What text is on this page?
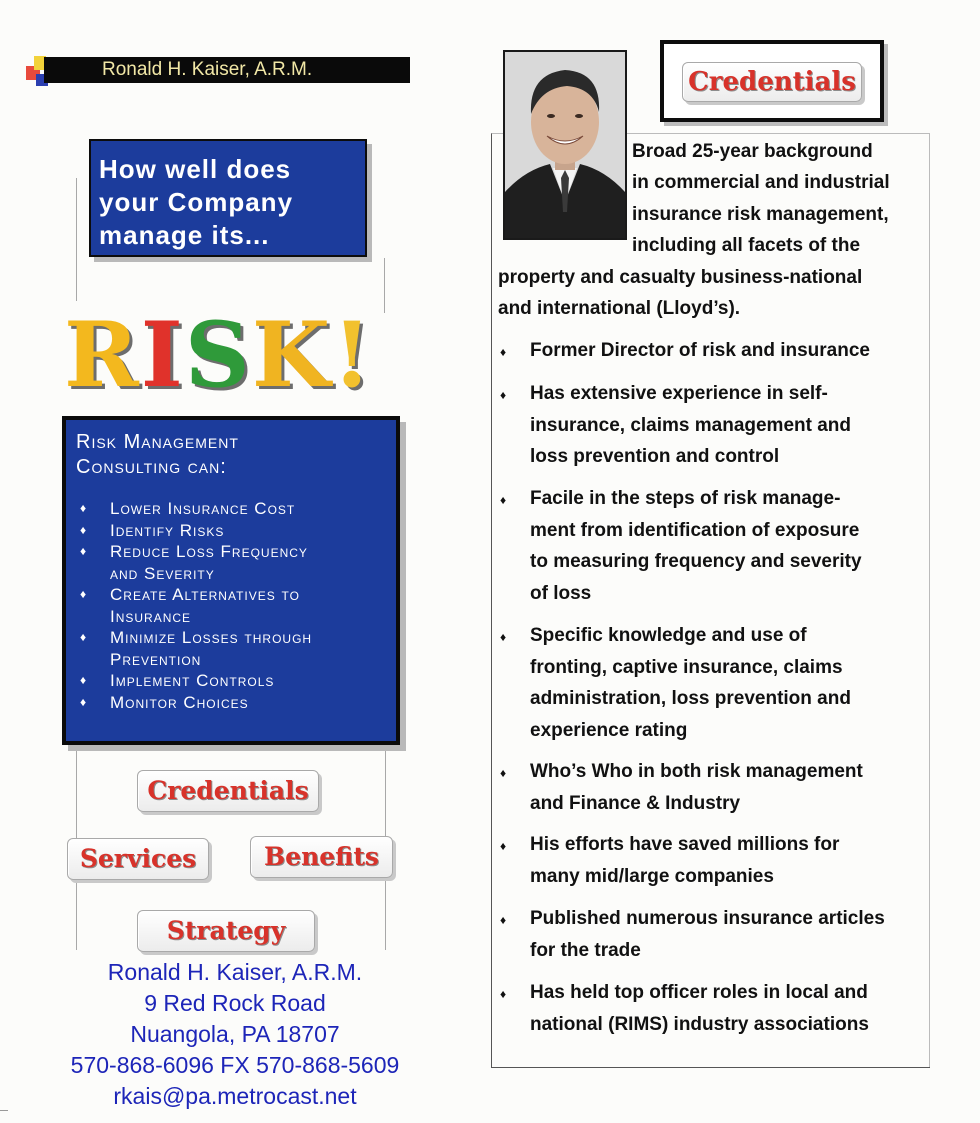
Ronald H. Kaiser, A.R.M.
How well does
your Company
manage its...
RISK!
Risk Management
Consulting can:
♦ Lower Insurance Cost
♦ Identify Risks
♦ Reduce Loss Frequency
and Severity
♦ Create Alternatives to
Insurance
♦ Minimize Losses through
Prevention
♦ Implement Controls
♦ Monitor Choices
Credentials
Services	Benefits
Strategy
Ronald H. Kaiser, A.R.M.
9 Red Rock Road
Nuangola, PA 18707
570-868-6096 FX 570-868-5609
rkais@pa.metrocast.net
Credentials
Broad 25-year background
in commercial and industrial
insurance risk management,
including all facets of the
property and casualty business-national
and international (Lloyd’s).
♦	Former Director of risk and insurance
♦	Has extensive experience in self-
insurance, claims management and
loss prevention and control
♦	Facile in the steps of risk manage-
ment from identification of exposure
to measuring frequency and severity
of loss
♦	Specific knowledge and use of
fronting, captive insurance, claims
administration, loss prevention and
experience rating
♦	Who’s Who in both risk management
and Finance & Industry
♦	His efforts have saved millions for
many mid/large companies
♦	Published numerous insurance articles
for the trade
♦	Has held top officer roles in local and
national (RIMS) industry associations
